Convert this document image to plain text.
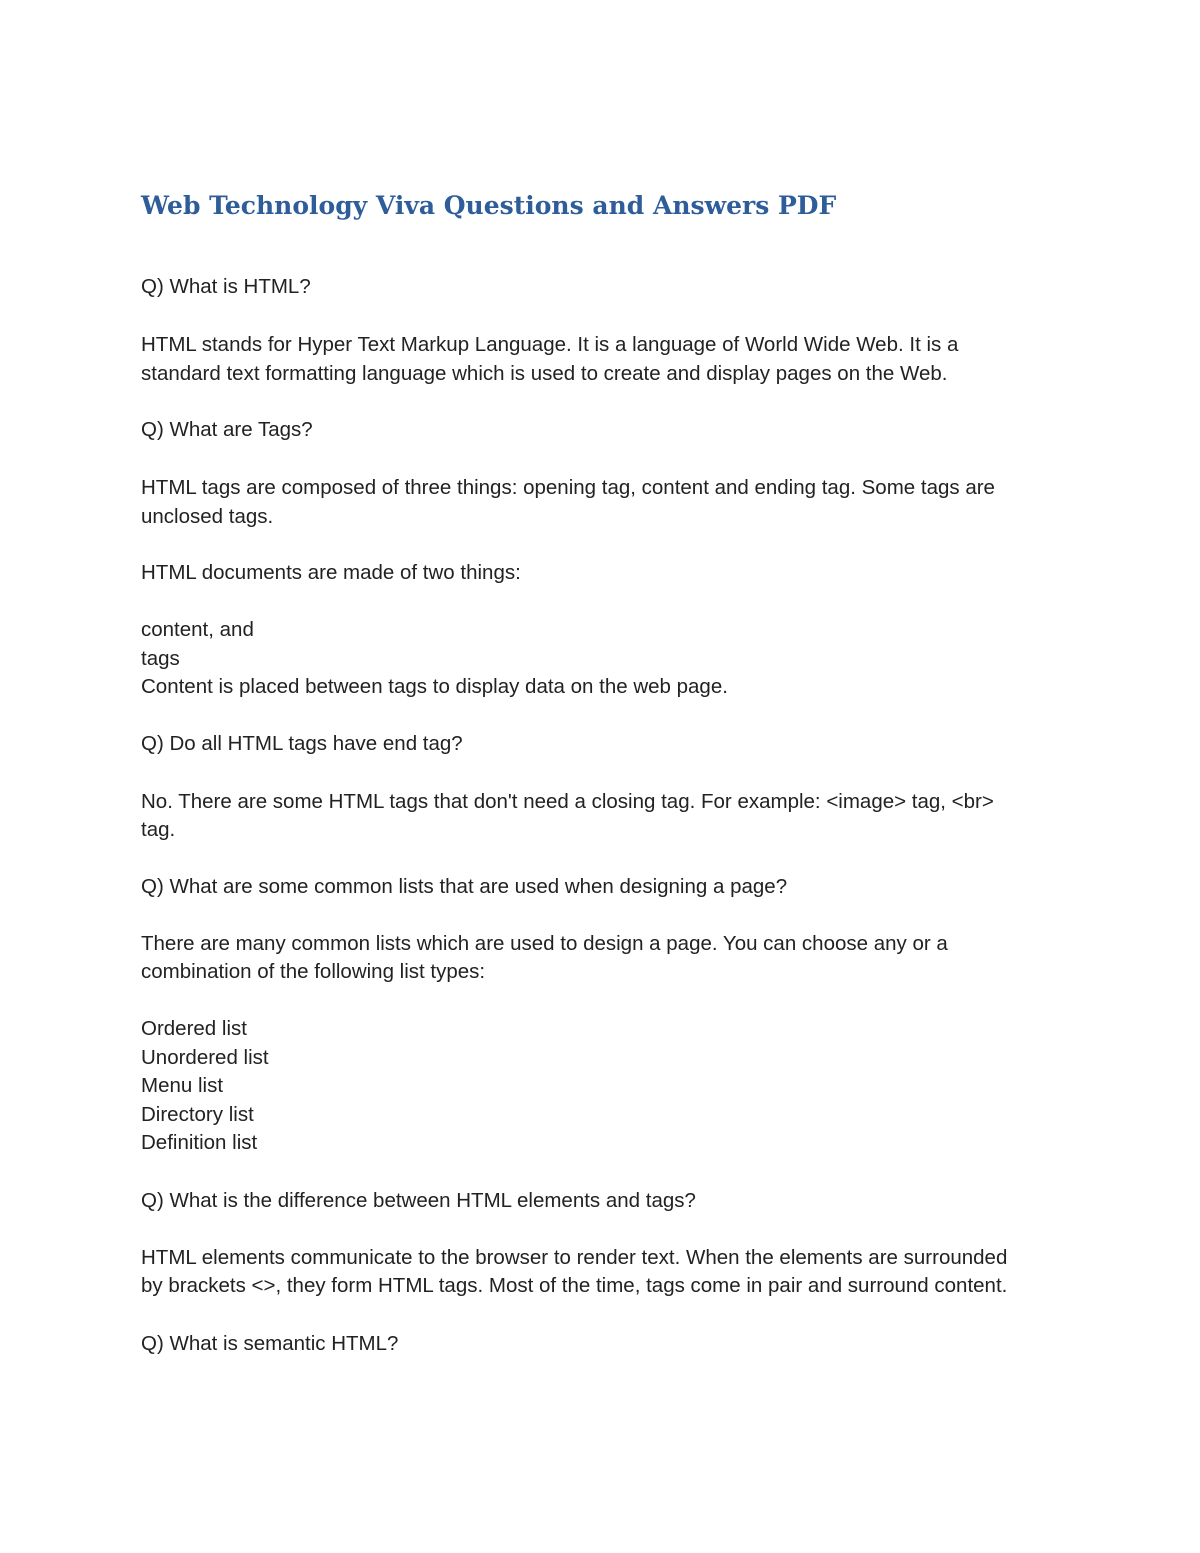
Web Technology Viva Questions and Answers PDF

Q) What is HTML?

HTML stands for Hyper Text Markup Language. It is a language of World Wide Web. It is a

standard text formatting language which is used to create and display pages on the Web.

Q) What are Tags?

HTML tags are composed of three things: opening tag, content and ending tag. Some tags are

unclosed tags.

HTML documents are made of two things:

content, and

tags

Content is placed between tags to display data on the web page.

Q) Do all HTML tags have end tag?

No. There are some HTML tags that don't need a closing tag. For example: <image> tag, <br>

tag.

Q) What are some common lists that are used when designing a page?

There are many common lists which are used to design a page. You can choose any or a

combination of the following list types:

Ordered list

Unordered list

Menu list

Directory list

Definition list

Q) What is the difference between HTML elements and tags?

HTML elements communicate to the browser to render text. When the elements are surrounded

by brackets <>, they form HTML tags. Most of the time, tags come in pair and surround content.

Q) What is semantic HTML?
